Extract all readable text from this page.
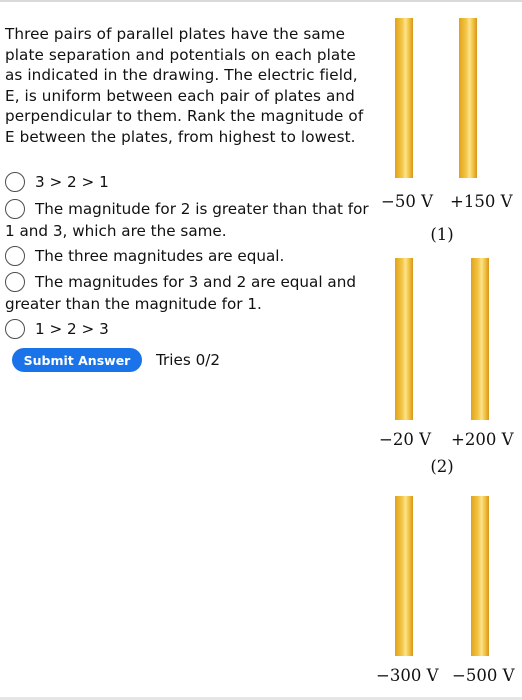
Three pairs of parallel plates have the same plate separation and potentials on each plate as indicated in the drawing. The electric field, E, is uniform between each pair of plates and perpendicular to them. Rank the magnitude of E between the plates, from highest to lowest.

3 > 2 > 1
The magnitude for 2 is greater than that for 1 and 3, which are the same.
The three magnitudes are equal.
The magnitudes for 3 and 2 are equal and greater than the magnitude for 1.
1 > 2 > 3
Submit Answer	Tries 0/2
−50 V +150 V
(1)
−20 V +200 V
(2)
−300 V −500 V
